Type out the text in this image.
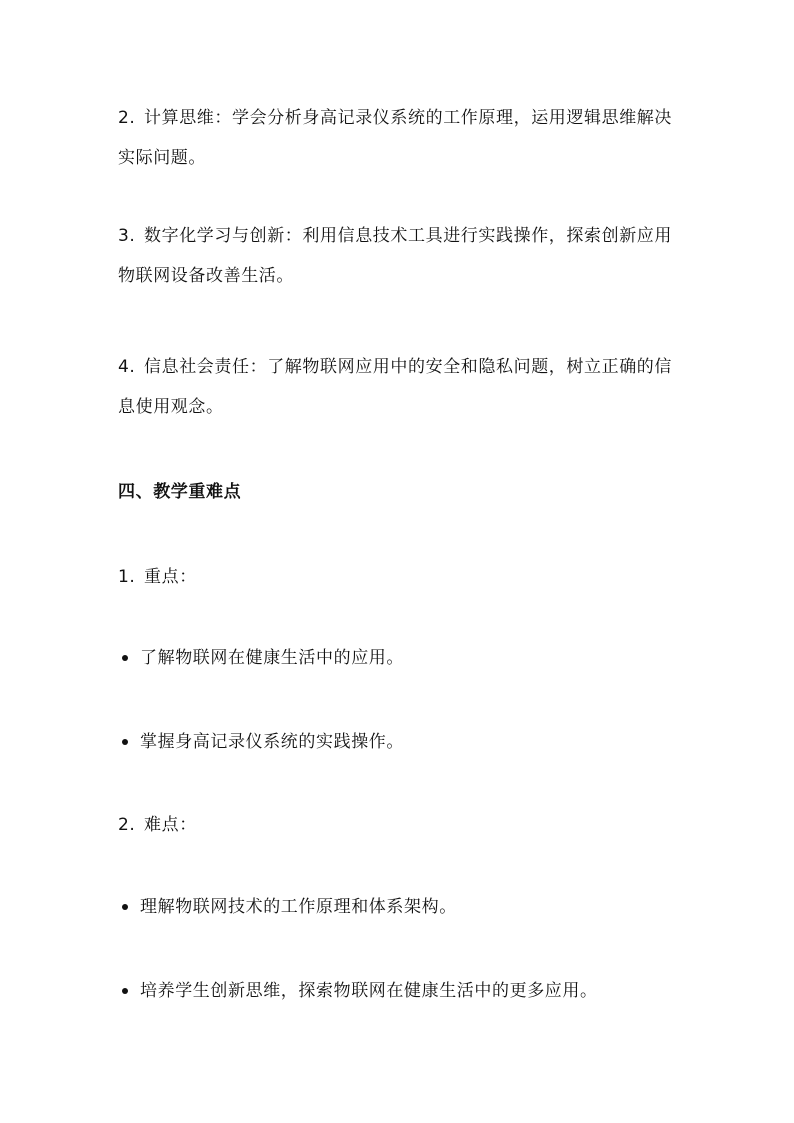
2. 计算思维：学会分析身高记录仪系统的工作原理，运用逻辑思维解决实际问题。
3. 数字化学习与创新：利用信息技术工具进行实践操作，探索创新应用物联网设备改善生活。
4. 信息社会责任：了解物联网应用中的安全和隐私问题，树立正确的信息使用观念。
四、教学重难点
1. 重点：
了解物联网在健康生活中的应用。
掌握身高记录仪系统的实践操作。
2. 难点：
理解物联网技术的工作原理和体系架构。
培养学生创新思维，探索物联网在健康生活中的更多应用。
